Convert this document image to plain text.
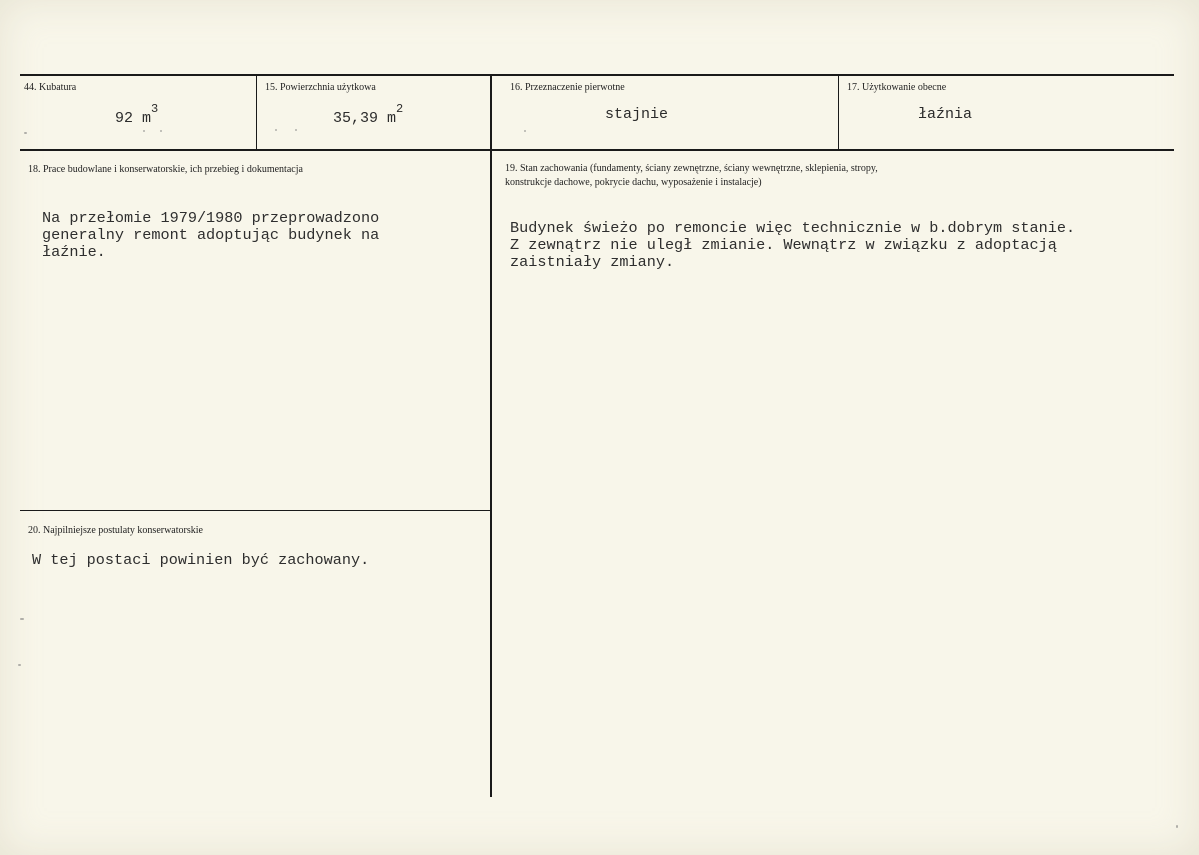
44. Kubatura
92 $m^3$
15. Powierzchnia użytkowa
35,39 $m^2$
16. Przeznaczenie pierwotne
stajnie
17. Użytkowanie obecne
łaźnia
18. Prace budowlane i konserwatorskie, ich przebieg i dokumentacja
Na przełomie 1979/1980 przeprowadzono
generalny remont adoptując budynek na
łaźnie.
19. Stan zachowania (fundamenty, ściany zewnętrzne, ściany wewnętrzne, sklepienia, stropy,
konstrukcje dachowe, pokrycie dachu, wyposażenie i instalacje)
Budynek świeżo po remoncie więc technicznie w b.dobrym stanie.
Z zewnątrz nie uległ zmianie. Wewnątrz w związku z adoptacją
zaistniały zmiany.
20. Najpilniejsze postulaty konserwatorskie
W tej postaci powinien być zachowany.
